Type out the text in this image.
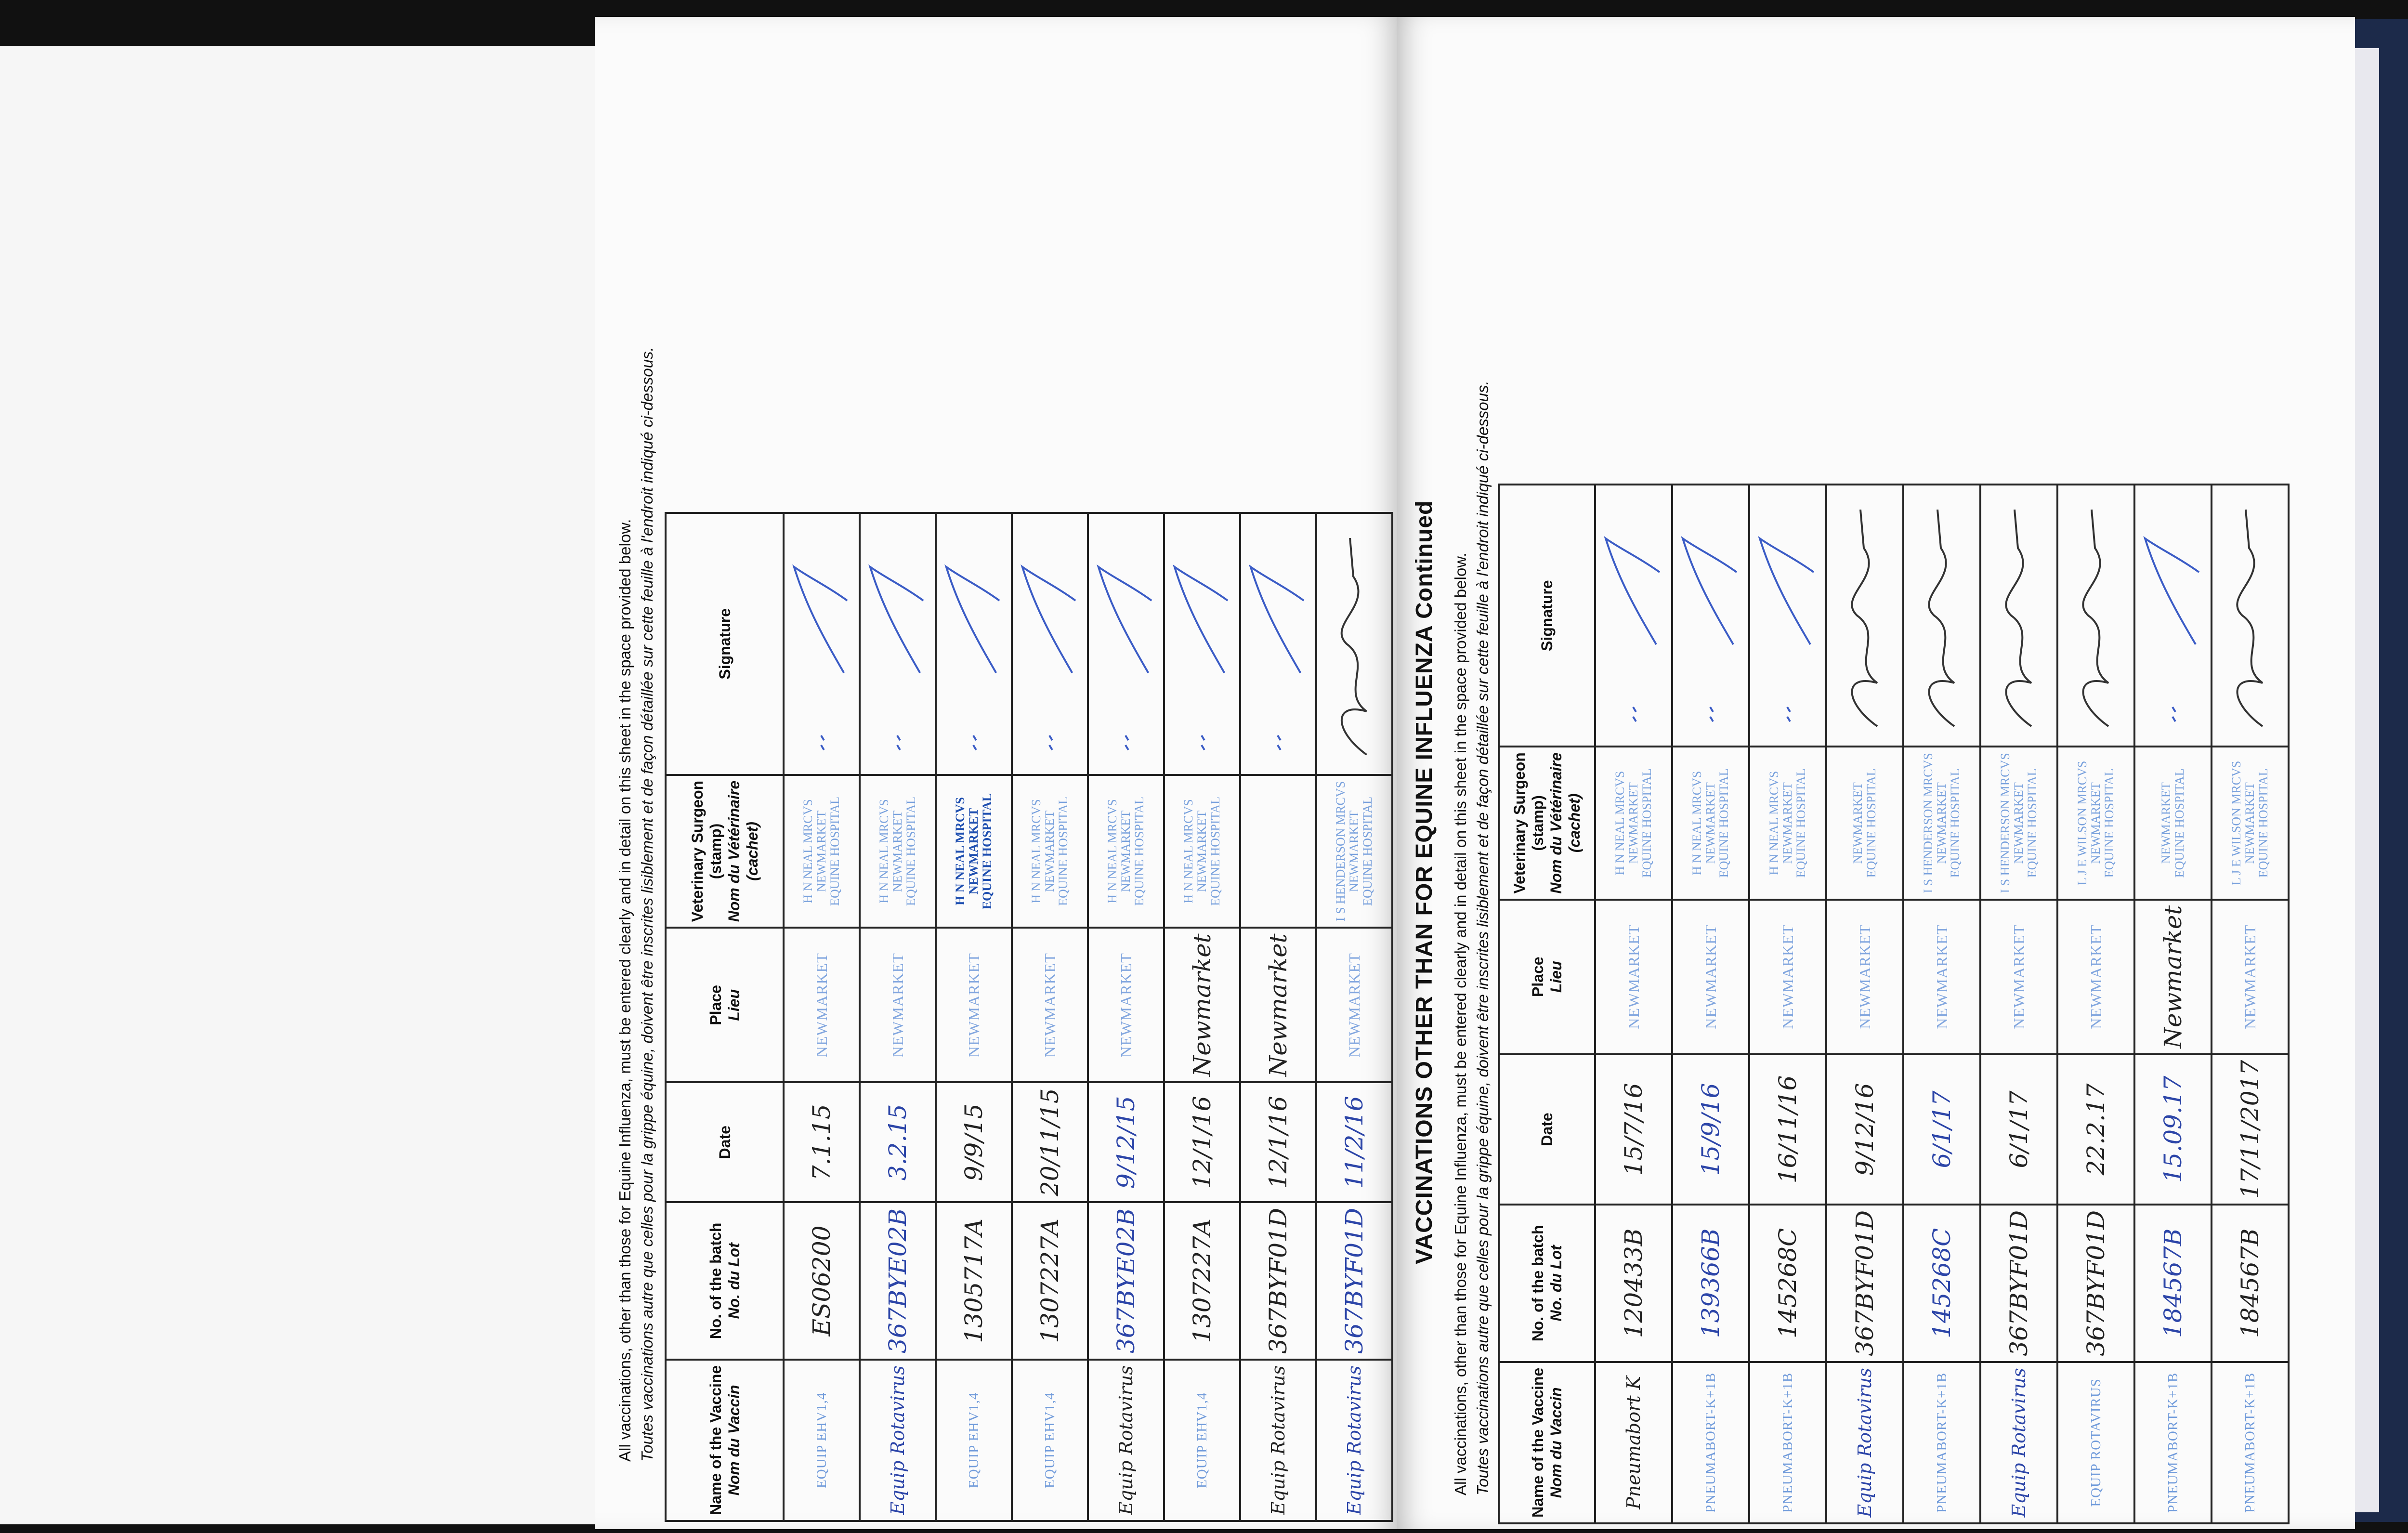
All vaccinations, other than those for Equine Influenza, must be entered clearly and in detail on this sheet in the space provided below. Toutes vaccinations autre que celles pour la grippe équine, doivent être inscrites lisiblement et de façon détaillée sur cette feuille à l'endroit indiqué ci-dessous.	Name of the Vaccine Nom du Vaccin	No. of the batch No. du Lot	Date	Place Lieu	Veterinary Surgeon
(stamp) Nom du Vétérinaire (cachet)	Signature
EQUIP EHV1,4	ES06200	7.1.15	NEWMARKET	H N NEAL MRCVS NEWMARKET EQUINE HOSPITAL

Equip Rotavirus	367BYE02B	3.2.15	NEWMARKET	H N NEAL MRCVS NEWMARKET EQUINE HOSPITAL

EQUIP EHV1,4	1305717A	9/9/15	NEWMARKET	H N NEAL MRCVS NEWMARKET EQUINE HOSPITAL

EQUIP EHV1,4	1307227A	20/11/15	NEWMARKET	H N NEAL MRCVS NEWMARKET EQUINE HOSPITAL

Equip Rotavirus	367BYE02B	9/12/15	NEWMARKET	H N NEAL MRCVS NEWMARKET EQUINE HOSPITAL

EQUIP EHV1,4	1307227A	12/1/16	Newmarket	H N NEAL MRCVS NEWMARKET EQUINE HOSPITAL

Equip Rotavirus	367BYF01D	12/1/16	Newmarket	

Equip Rotavirus	367BYF01D	11/2/16	NEWMARKET	I S HENDERSON MRCVS NEWMARKET EQUINE HOSPITAL
	VACCINATIONS OTHER THAN FOR EQUINE INFLUENZA Continued All vaccinations, other than those for Equine Influenza, must be entered clearly and in detail on this sheet in the space provided below. Toutes vaccinations autre que celles pour la grippe équine, doivent être inscrites lisiblement et de façon détaillée sur cette feuille à l'endroit indiqué ci-dessous. Name of the Vaccine Nom du Vaccin	No. of the batch No. du Lot	Date	Place Lieu	Veterinary Surgeon
(stamp) Nom du Vétérinaire (cachet)	Signature
Pneumabort K	120433B	15/7/16	NEWMARKET	H N NEAL MRCVS NEWMARKET EQUINE HOSPITAL

PNEUMABORT-K+1B	139366B	15/9/16	NEWMARKET	H N NEAL MRCVS NEWMARKET EQUINE HOSPITAL

PNEUMABORT-K+1B	145268C	16/11/16	NEWMARKET	H N NEAL MRCVS NEWMARKET EQUINE HOSPITAL

Equip Rotavirus	367BYF01D	9/12/16	NEWMARKET	NEWMARKET EQUINE HOSPITAL

PNEUMABORT-K+1B	145268C	6/1/17	NEWMARKET	I S HENDERSON MRCVS NEWMARKET EQUINE HOSPITAL

Equip Rotavirus	367BYF01D	6/1/17	NEWMARKET	I S HENDERSON MRCVS NEWMARKET EQUINE HOSPITAL

EQUIP ROTAVIRUS	367BYF01D	22.2.17	NEWMARKET	L J E WILSON MRCVS NEWMARKET EQUINE HOSPITAL

PNEUMABORT-K+1B	184567B	15.09.17	Newmarket	NEWMARKET EQUINE HOSPITAL

PNEUMABORT-K+1B	184567B	17/11/2017	NEWMARKET	L J E WILSON MRCVS NEWMARKET EQUINE HOSPITAL
